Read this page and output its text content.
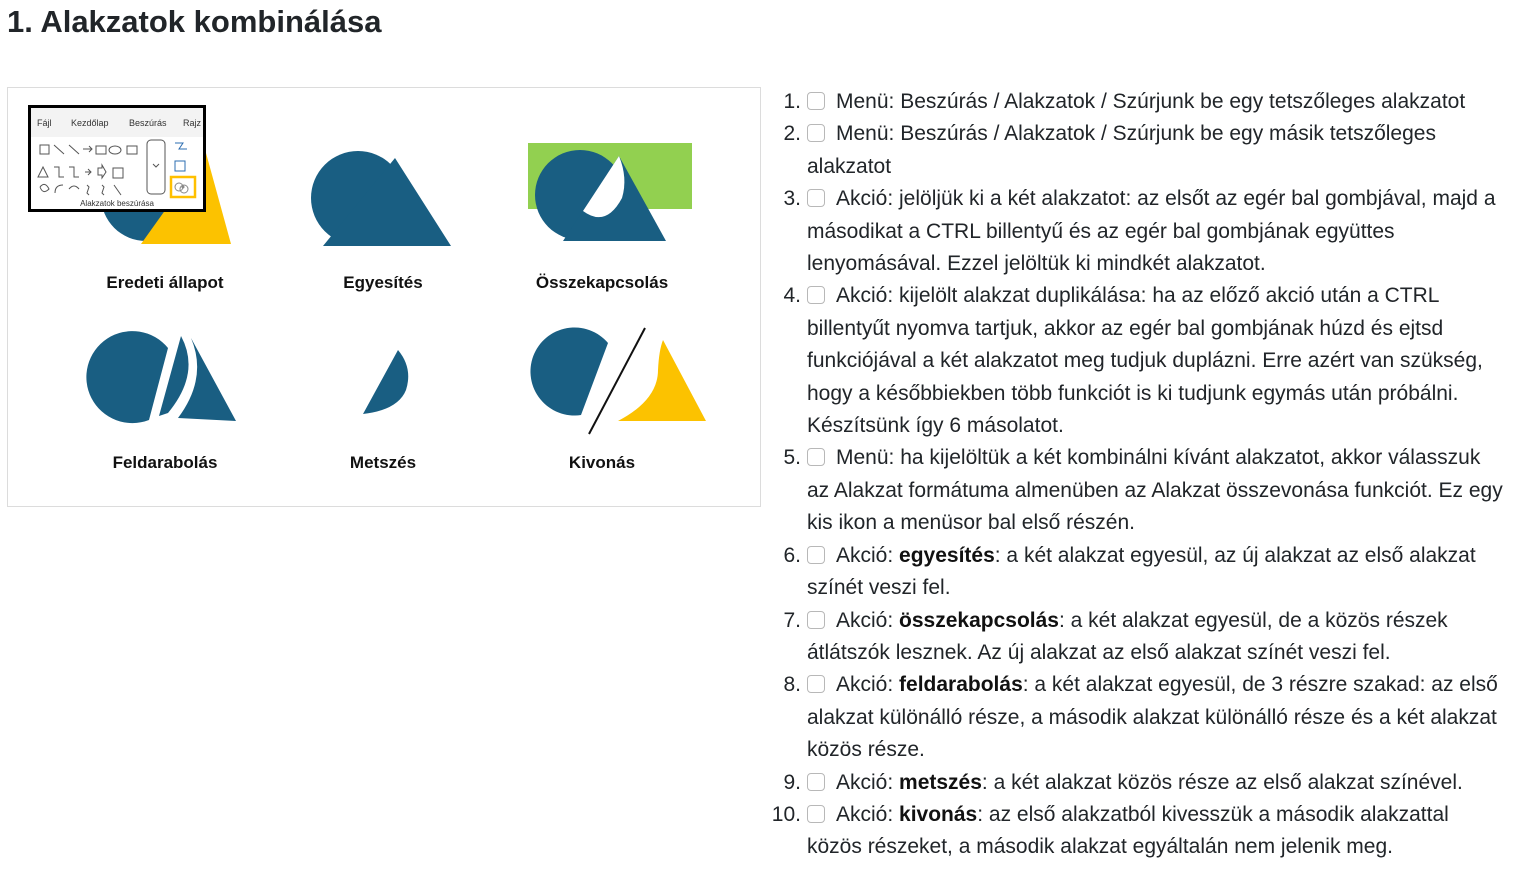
1. Alakzatok kombinálása
Fájl Kezdőlap Beszúrás Rajz
Alakzatok beszúrása
Eredeti állapot	Egyesítés	Összekapcsolás
Feldarabolás	Metszés	Kivonás
1. Menü: Beszúrás / Alakzatok / Szúrjunk be egy tetszőleges alakzatot
2. Menü: Beszúrás / Alakzatok / Szúrjunk be egy másik tetszőleges alakzatot
3. Akció: jelöljük ki a két alakzatot: az elsőt az egér bal gombjával, majd a másodikat a CTRL billentyű és az egér bal gombjának együttes lenyomásával. Ezzel jelöltük ki mindkét alakzatot.
4. Akció: kijelölt alakzat duplikálása: ha az előző akció után a CTRL billentyűt nyomva tartjuk, akkor az egér bal gombjának húzd és ejtsd funkciójával a két alakzatot meg tudjuk duplázni. Erre azért van szükség, hogy a későbbiekben több funkciót is ki tudjunk egymás után próbálni. Készítsünk így 6 másolatot.
5. Menü: ha kijelöltük a két kombinálni kívánt alakzatot, akkor válasszuk az Alakzat formátuma almenüben az Alakzat összevonása funkciót. Ez egy kis ikon a menüsor bal első részén.
6. Akció: egyesítés: a két alakzat egyesül, az új alakzat az első alakzat színét veszi fel.
7. Akció: összekapcsolás: a két alakzat egyesül, de a közös részek átlátszók lesznek. Az új alakzat az első alakzat színét veszi fel.
8. Akció: feldarabolás: a két alakzat egyesül, de 3 részre szakad: az első alakzat különálló része, a második alakzat különálló része és a két alakzat közös része.
9. Akció: metszés: a két alakzat közös része az első alakzat színével.
10. Akció: kivonás: az első alakzatból kivesszük a második alakzattal közös részeket, a második alakzat egyáltalán nem jelenik meg.
